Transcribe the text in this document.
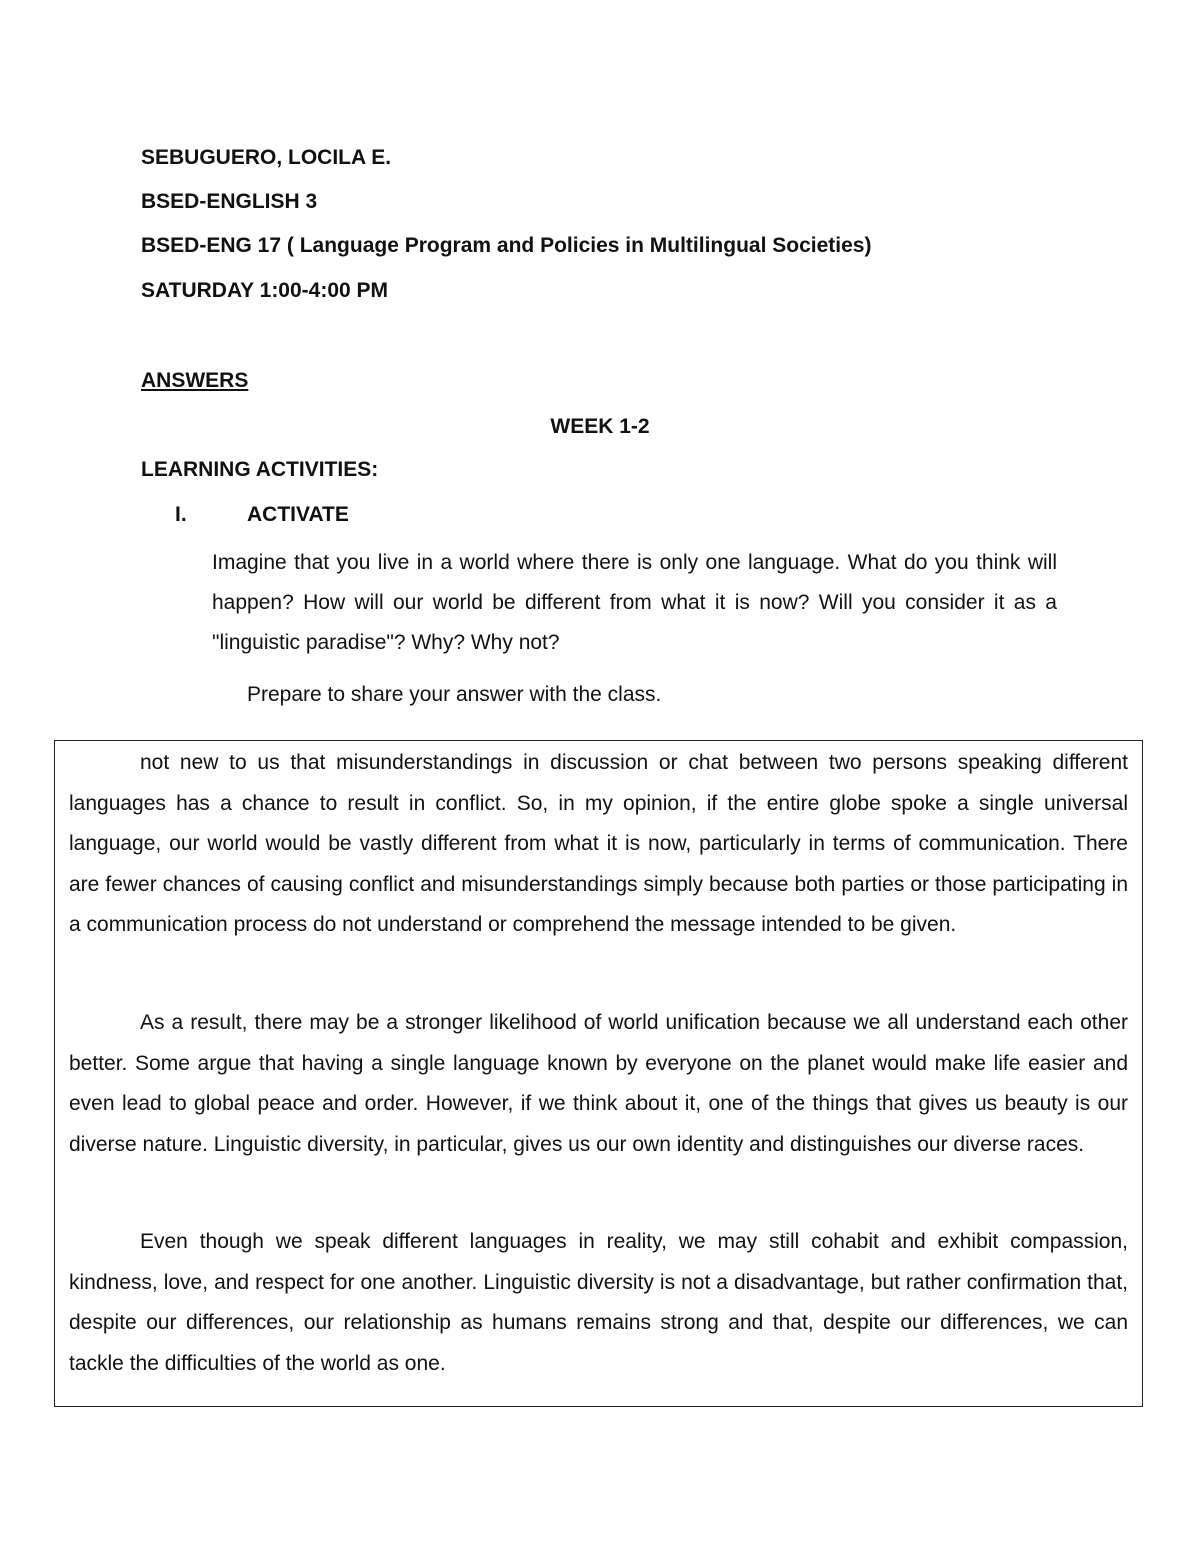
SEBUGUERO, LOCILA E.
BSED-ENGLISH 3
BSED-ENG 17 ( Language Program and Policies in Multilingual Societies)
SATURDAY 1:00-4:00 PM
ANSWERS
WEEK 1-2
LEARNING ACTIVITIES:
I.	ACTIVATE
Imagine that you live in a world where there is only one language. What do you think will happen? How will our world be different from what it is now? Will you consider it as a "linguistic paradise"? Why? Why not?
Prepare to share your answer with the class.

not new to us that misunderstandings in discussion or chat between two persons speaking different languages has a chance to result in conflict. So, in my opinion, if the entire globe spoke a single universal language, our world would be vastly different from what it is now, particularly in terms of communication. There are fewer chances of causing conflict and misunderstandings simply because both parties or those participating in a communication process do not understand or comprehend the message intended to be given.

As a result, there may be a stronger likelihood of world unification because we all understand each other better. Some argue that having a single language known by everyone on the planet would make life easier and even lead to global peace and order. However, if we think about it, one of the things that gives us beauty is our diverse nature. Linguistic diversity, in particular, gives us our own identity and distinguishes our diverse races.

Even though we speak different languages in reality, we may still cohabit and exhibit compassion, kindness, love, and respect for one another. Linguistic diversity is not a disadvantage, but rather confirmation that, despite our differences, our relationship as humans remains strong and that, despite our differences, we can tackle the difficulties of the world as one.
